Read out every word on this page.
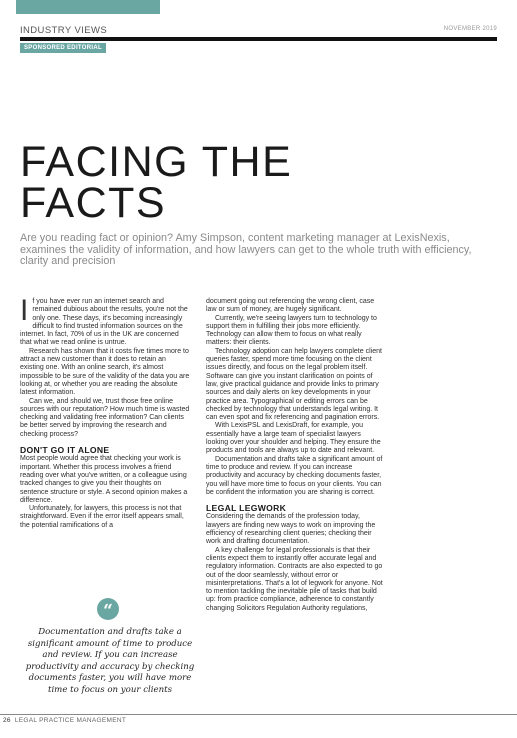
INDUSTRY VIEWS	NOVEMBER 2019
SPONSORED EDITORIAL
FACING THE
FACTS

Are you reading fact or opinion? Amy Simpson, content marketing manager at LexisNexis, examines the validity of information, and how lawyers can get to the whole truth with efficiency, clarity and precision

If you have ever run an internet search and remained dubious about the results, you're not the only one. These days, it's becoming increasingly difficult to find trusted information sources on the internet. In fact, 70% of us in the UK are concerned that what we read online is untrue.

Research has shown that it costs five times more to attract a new customer than it does to retain an existing one. With an online search, it's almost impossible to be sure of the validity of the data you are looking at, or whether you are reading the absolute latest information.

Can we, and should we, trust those free online sources with our reputation? How much time is wasted checking and validating free information? Can clients be better served by improving the research and checking process?

DON'T GO IT ALONE

Most people would agree that checking your work is important. Whether this process involves a friend reading over what you've written, or a colleague using tracked changes to give you their thoughts on sentence structure or style. A second opinion makes a difference.

Unfortunately, for lawyers, this process is not that straightforward. Even if the error itself appears small, the potential ramifications of a

document going out referencing the wrong client, case law or sum of money, are hugely significant.

Currently, we're seeing lawyers turn to technology to support them in fulfilling their jobs more efficiently. Technology can allow them to focus on what really matters: their clients.

Technology adoption can help lawyers complete client queries faster, spend more time focusing on the client issues directly, and focus on the legal problem itself. Software can give you instant clarification on points of law, give practical guidance and provide links to primary sources and daily alerts on key developments in your practice area. Typographical or editing errors can be checked by technology that understands legal writing. It can even spot and fix referencing and pagination errors.

With LexisPSL and LexisDraft, for example, you essentially have a large team of specialist lawyers looking over your shoulder and helping. They ensure the products and tools are always up to date and relevant.

Documentation and drafts take a significant amount of time to produce and review. If you can increase productivity and accuracy by checking documents faster, you will have more time to focus on your clients. You can be confident the information you are sharing is correct.

LEGAL LEGWORK

Considering the demands of the profession today, lawyers are finding new ways to work on improving the efficiency of researching client queries; checking their work and drafting documentation.

A key challenge for legal professionals is that their clients expect them to instantly offer accurate legal and regulatory information. Contracts are also expected to go out of the door seamlessly, without error or misinterpretations. That's a lot of legwork for anyone. Not to mention tackling the inevitable pile of tasks that build up: from practice compliance, adherence to constantly changing Solicitors Regulation Authority regulations,

“

Documentation and drafts take a significant amount of time to produce and review. If you can increase productivity and accuracy by checking documents faster, you will have more time to focus on your clients

26 LEGAL PRACTICE MANAGEMENT
